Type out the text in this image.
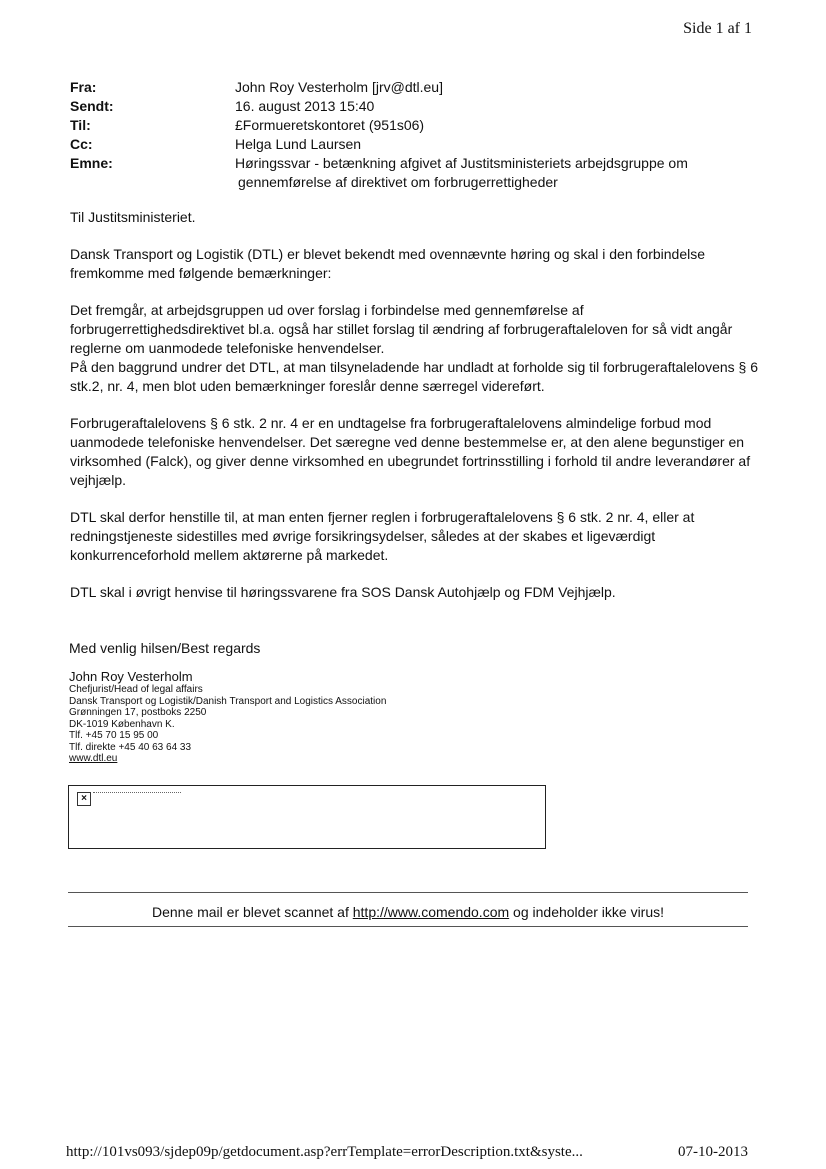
Side 1 af 1
Fra:	John Roy Vesterholm [jrv@dtl.eu]
Sendt:	16. august 2013 15:40
Til:	£Formueretskontoret (951s06)
Cc:	Helga Lund Laursen
Emne:	Høringssvar - betænkning afgivet af Justitsministeriets arbejdsgruppe om
gennemførelse af direktivet om forbrugerrettigheder

Til Justitsministeriet.

Dansk Transport og Logistik (DTL) er blevet bekendt med ovennævnte høring og skal i den forbindelse fremkomme med følgende bemærkninger:

Det fremgår, at arbejdsgruppen ud over forslag i forbindelse med gennemførelse af forbrugerrettighedsdirektivet bl.a. også har stillet forslag til ændring af forbrugeraftaleloven for så vidt angår reglerne om uanmodede telefoniske henvendelser.
På den baggrund undrer det DTL, at man tilsyneladende har undladt at forholde sig til forbrugeraftalelovens § 6 stk.2, nr. 4, men blot uden bemærkninger foreslår denne særregel videreført.

Forbrugeraftalelovens § 6 stk. 2 nr. 4 er en undtagelse fra forbrugeraftalelovens almindelige forbud mod uanmodede telefoniske henvendelser. Det særegne ved denne bestemmelse er, at den alene begunstiger en virksomhed (Falck), og giver denne virksomhed en ubegrundet fortrinsstilling i forhold til andre leverandører af vejhjælp.

DTL skal derfor henstille til, at man enten fjerner reglen i forbrugeraftalelovens § 6 stk. 2 nr. 4, eller at redningstjeneste sidestilles med øvrige forsikringsydelser, således at der skabes et ligeværdigt konkurrenceforhold mellem aktørerne på markedet.

DTL skal i øvrigt henvise til høringssvarene fra SOS Dansk Autohjælp og FDM Vejhjælp.

Med venlig hilsen/Best regards
John Roy Vesterholm
Chefjurist/Head of legal affairs
Dansk Transport og Logistik/Danish Transport and Logistics Association
Grønningen 17, postboks 2250
DK-1019 København K.
Tlf. +45 70 15 95 00
Tlf. direkte +45 40 63 64 33
www.dtl.eu
×
Denne mail er blevet scannet af http://www.comendo.com og indeholder ikke virus!
http://101vs093/sjdep09p/getdocument.asp?errTemplate=errorDescription.txt&syste...	07-10-2013
